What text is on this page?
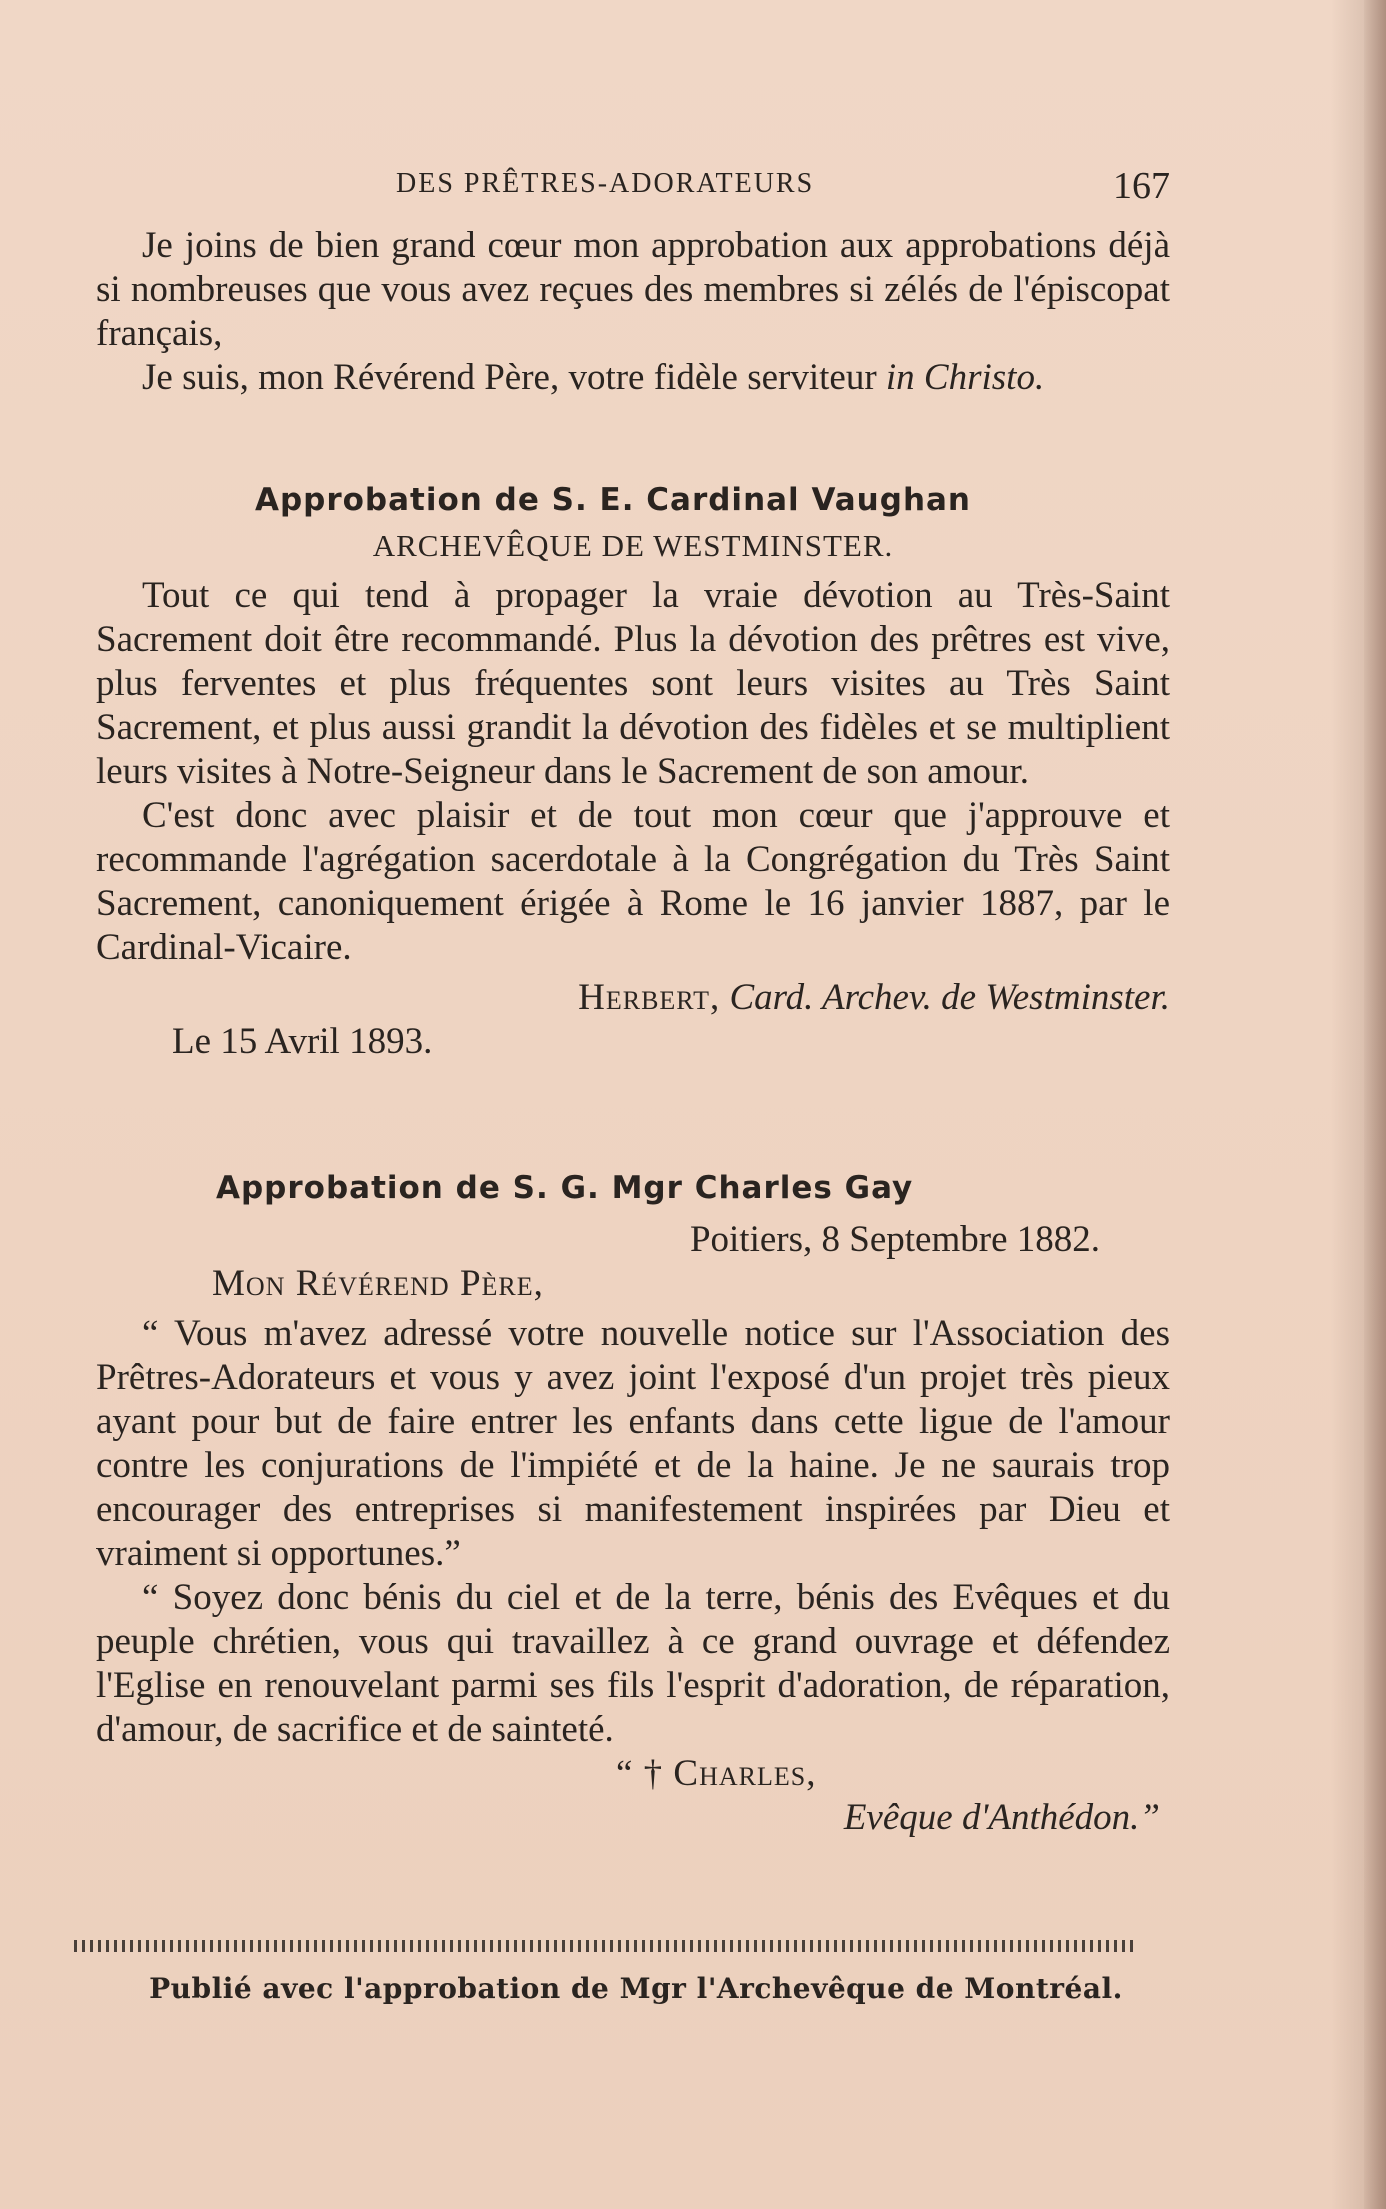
DES PRÊTRES-ADORATEURS	167

Je joins de bien grand cœur mon approbation aux approbations déjà si nombreuses que vous avez reçues des membres si zélés de l'épiscopat français,

Je suis, mon Révérend Père, votre fidèle serviteur in Christo.

Approbation de S. E. Cardinal Vaughan

ARCHEVÊQUE DE WESTMINSTER.

Tout ce qui tend à propager la vraie dévotion au Très-Saint Sacrement doit être recommandé. Plus la dévotion des prêtres est vive, plus ferventes et plus fréquentes sont leurs visites au Très Saint Sacrement, et plus aussi grandit la dévotion des fidèles et se multiplient leurs visites à Notre-Seigneur dans le Sacrement de son amour.

C'est donc avec plaisir et de tout mon cœur que j'approuve et recommande l'agrégation sacerdotale à la Congrégation du Très Saint Sacrement, canoniquement érigée à Rome le 16 janvier 1887, par le Cardinal-Vicaire.

Herbert, Card. Archev. de Westminster.

Le 15 Avril 1893.

Approbation de S. G. Mgr Charles Gay

Poitiers, 8 Septembre 1882.

Mon Révérend Père,

“ Vous m'avez adressé votre nouvelle notice sur l'Association des Prêtres-Adorateurs et vous y avez joint l'exposé d'un projet très pieux ayant pour but de faire entrer les enfants dans cette ligue de l'amour contre les conjurations de l'impiété et de la haine. Je ne saurais trop encourager des entreprises si manifestement inspirées par Dieu et vraiment si opportunes.”

“ Soyez donc bénis du ciel et de la terre, bénis des Evêques et du peuple chrétien, vous qui travaillez à ce grand ouvrage et défendez l'Eglise en renouvelant parmi ses fils l'esprit d'adoration, de réparation, d'amour, de sacrifice et de sainteté.

“ † Charles,

Evêque d'Anthédon.”

Publié avec l'approbation de Mgr l'Archevêque de Montréal.
